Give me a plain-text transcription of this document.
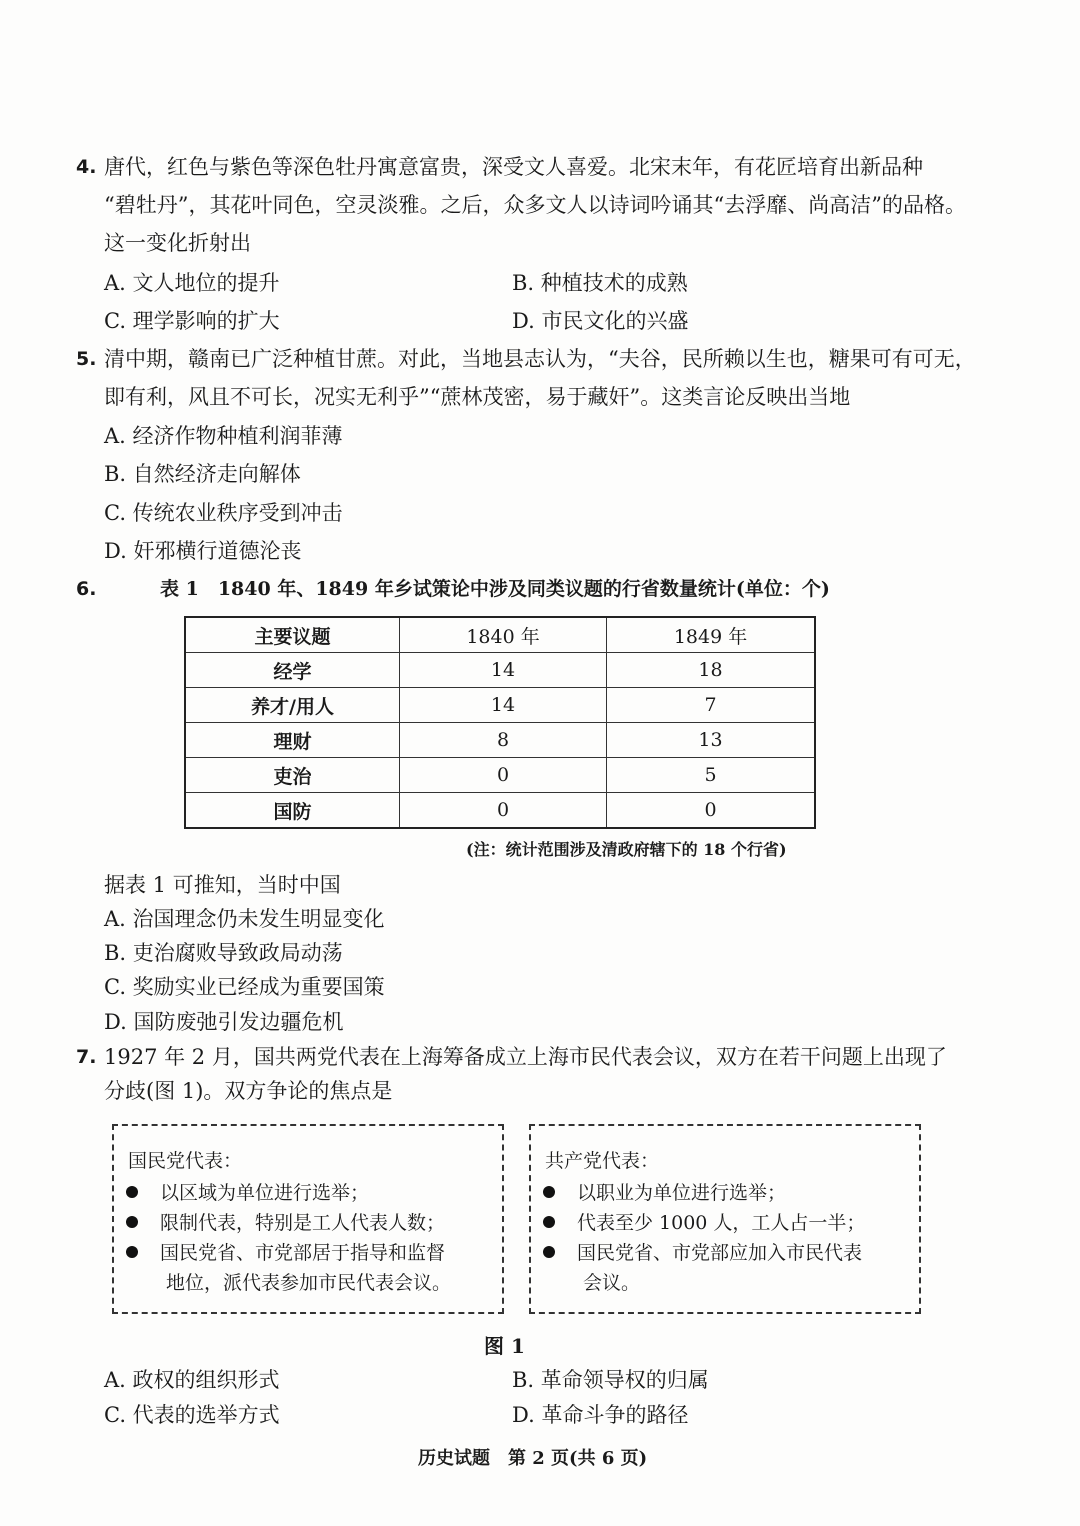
4. 唐代，红色与紫色等深色牡丹寓意富贵，深受文人喜爱。北宋末年，有花匠培育出新品种
“碧牡丹”，其花叶同色，空灵淡雅。之后，众多文人以诗词吟诵其“去浮靡、尚高洁”的品格。
这一变化折射出
A. 文人地位的提升	B. 种植技术的成熟
C. 理学影响的扩大	D. 市民文化的兴盛
5. 清中期，赣南已广泛种植甘蔗。对此，当地县志认为，“夫谷，民所赖以生也，糖果可有可无，
即有利，风且不可长，况实无利乎”“蔗林茂密，易于藏奸”。这类言论反映出当地
A. 经济作物种植利润菲薄
B. 自然经济走向解体
C. 传统农业秩序受到冲击
D. 奸邪横行道德沦丧
6.	表 1　1840 年、1849 年乡试策论中涉及同类议题的行省数量统计(单位：个)
主要议题	1840 年	1849 年
经学	14	18
养才/用人	14	7
理财	8	13
吏治	0	5
国防	0	0
(注：统计范围涉及清政府辖下的 18 个行省)
据表 1 可推知，当时中国
A. 治国理念仍未发生明显变化
B. 吏治腐败导致政局动荡
C. 奖励实业已经成为重要国策
D. 国防废弛引发边疆危机
7. 1927 年 2 月，国共两党代表在上海筹备成立上海市民代表会议，双方在若干问题上出现了
分歧(图 1)。双方争论的焦点是
国民党代表：
以区域为单位进行选举；
限制代表，特别是工人代表人数；
国民党省、市党部居于指导和监督
地位，派代表参加市民代表会议。
共产党代表：
以职业为单位进行选举；
代表至少 1000 人，工人占一半；
国民党省、市党部应加入市民代表
会议。
图 1
A. 政权的组织形式	B. 革命领导权的归属
C. 代表的选举方式	D. 革命斗争的路径
历史试题　第 2 页(共 6 页)
